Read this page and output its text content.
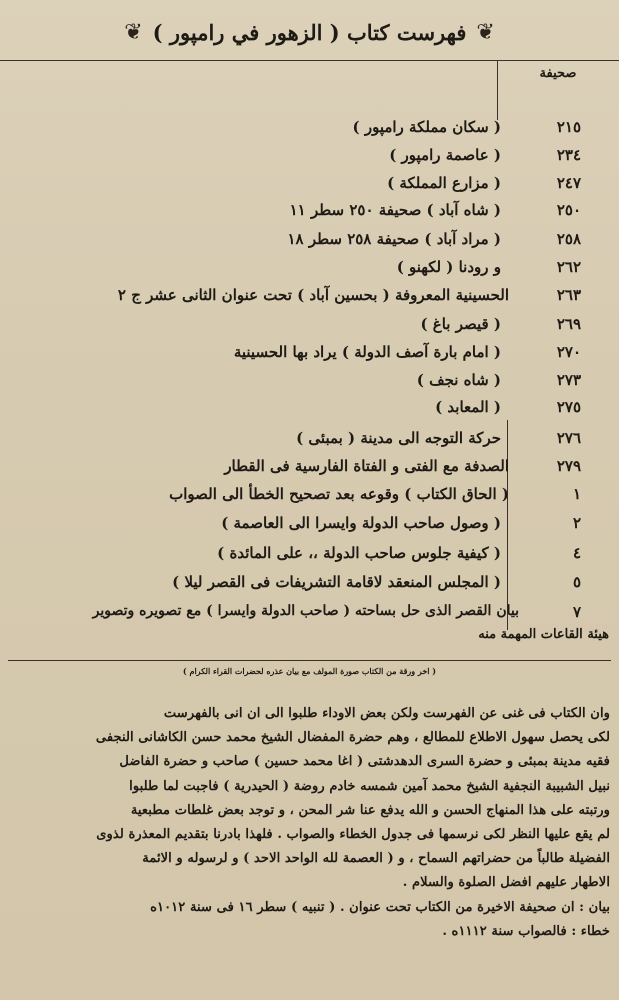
❦
فهرست كتاب ( الزهور في رامپور )
❦
صحيفة
٢١٥
( سكان مملكة رامپور )
٢٣٤
( عاصمة رامپور )
٢٤٧
( مزارع المملكة )
٢٥٠
( شاه آباد ) صحيفة ٢٥٠ سطر ١١
٢٥٨
( مراد آباد ) صحيفة ٢٥٨ سطر ١٨
٢٦٢
و رودنا ( لكهنو )
٢٦٣
الحسينية المعروفة ( بحسين آباد ) تحت عنوان الثانى عشر ج ٢
٢٦٩
( قيصر باغ )
٢٧٠
( امام بارة آصف الدولة ) يراد بها الحسينية
٢٧٣
( شاه نجف )
٢٧٥
( المعابد )
٢٧٦
حركة التوجه الى مدينة ( بمبئى )
٢٧٩
الصدفة مع الفتى و الفتاة الفارسية فى القطار
١
( الحاق الكتاب ) وقوعه بعد تصحيح الخطأ الى الصواب
٢
( وصول صاحب الدولة وايسرا الى العاصمة )
٤
( كيفية جلوس صاحب الدولة ،، على المائدة )
٥
( المجلس المنعقد لاقامة التشريفات فى القصر ليلا )
٧
بيان القصر الذى حل بساحته ( صاحب الدولة وايسرا ) مع تصويره وتصوير
هيئة القاعات المهمة منه
( اخر ورقة من الكتاب صورة المولف مع بيان عذره لحضرات القراء الكرام )
وان الكتاب فى غنى عن الفهرست ولكن بعض الاوداء طلبوا الى ان انى بالفهرست
لكى يحصل سهول الاطلاع للمطالع ، وهم حضرة المفضال الشيخ محمد حسن الكاشانى النجفى
فقيه مدينة بمبئى و حضرة السرى الدهدشتى ( اغا محمد حسين ) صاحب و حضرة الفاضل
نبيل الشبيبة النجفية الشيخ محمد آمين شمسه خادم روضة ( الحيدرية ) فاجبت لما طلبوا
ورتبته على هذا المنهاج الحسن و الله يدفع عنا شر المحن ، و توجد بعض غلطات مطبعية
لم يقع عليها النظر لكى نرسمها فى جدول الخطاء والصواب . فلهذا بادرنا بتقديم المعذرة لذوى
الفضيلة طالباً من حضراتهم السماح ، و ( العصمة لله الواحد الاحد ) و لرسوله و الائمة
الاطهار عليهم افضل الصلوة والسلام .
بيان : ان صحيفة الاخيرة من الكتاب تحت عنوان . ( تنبيه ) سطر ١٦ فى سنة ١٠١٢ه
خطاء : فالصواب سنة ١١١٢ه .
